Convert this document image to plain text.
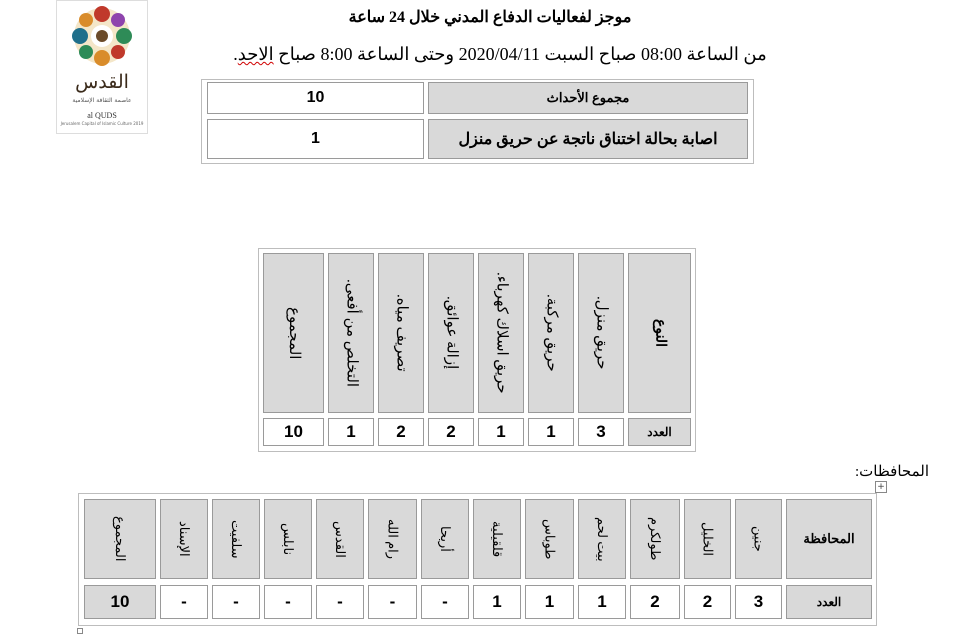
القدس
عاصمة الثقافة الإسلامية
al QUDS
Jerusalem Capital of Islamic Culture 2019
موجز لفعاليات الدفاع المدني خلال 24 ساعة
من الساعة 08:00 صباح السبت 2020/04/11 وحتى الساعة 8:00 صباح الاحد.
مجموع الأحداث
10
اصابة بحالة اختناق ناتجة عن حريق منزل
1
النوع
العدد
حريق منزل.
3
حريق مركبة.
1
حريق اسلاك كهرباء.
1
إزالة عوائق.
2
تصريف مياه.
2
التخلص من أفعى.
1
المجموع
10
المحافظات:
+
المحافظة
العدد
جنين
3
الخليل
2
طولكرم
2
بيت لحم
1
طوباس
1
قلقيلية
1
أريحا
-
رام الله
-
القدس
-
نابلس
-
سلفيت
-
الإسناد
-
المجموع
10
